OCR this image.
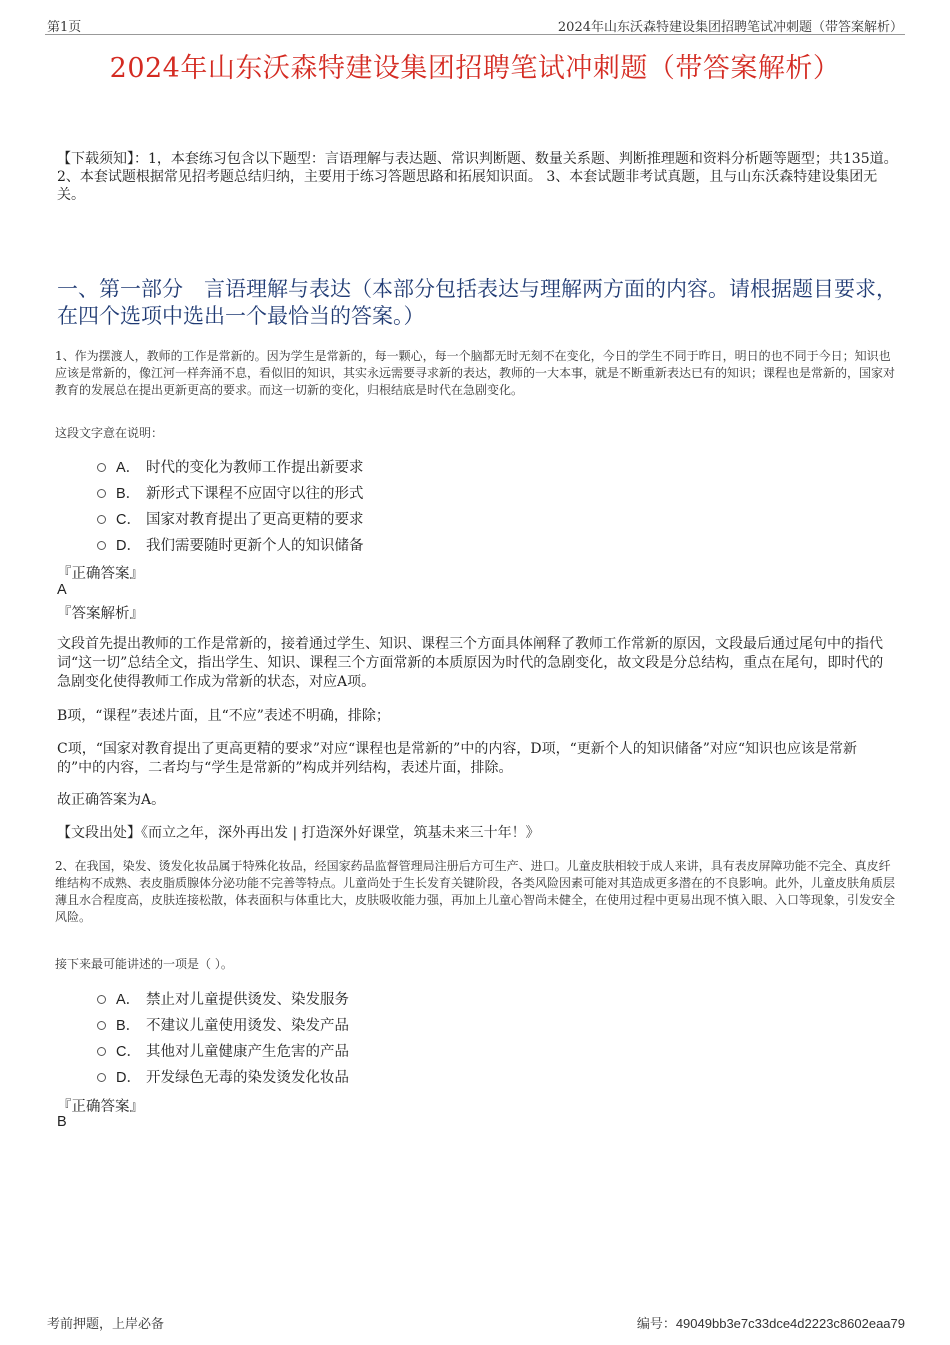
第1页	2024年山东沃森特建设集团招聘笔试冲刺题（带答案解析）
2024年山东沃森特建设集团招聘笔试冲刺题（带答案解析）
【下载须知】：1，本套练习包含以下题型：言语理解与表达题、常识判断题、数量关系题、判断推理题和资料分析题等题型；共135道。 2、本套试题根据常见招考题总结归纳，主要用于练习答题思路和拓展知识面。 3、本套试题非考试真题，且与山东沃森特建设集团无关。
一、第一部分　言语理解与表达（本部分包括表达与理解两方面的内容。请根据题目要求，在四个选项中选出一个最恰当的答案。）
1、作为摆渡人，教师的工作是常新的。因为学生是常新的，每一颗心，每一个脑都无时无刻不在变化，今日的学生不同于昨日，明日的也不同于今日；知识也应该是常新的，像江河一样奔涌不息，看似旧的知识，其实永远需要寻求新的表达，教师的一大本事，就是不断重新表达已有的知识；课程也是常新的，国家对教育的发展总在提出更新更高的要求。而这一切新的变化，归根结底是时代在急剧变化。
这段文字意在说明：
A． 时代的变化为教师工作提出新要求
B． 新形式下课程不应固守以往的形式
C． 国家对教育提出了更高更精的要求
D． 我们需要随时更新个人的知识储备
『正确答案』
A
『答案解析』
文段首先提出教师的工作是常新的，接着通过学生、知识、课程三个方面具体阐释了教师工作常新的原因，文段最后通过尾句中的指代词“这一切”总结全文，指出学生、知识、课程三个方面常新的本质原因为时代的急剧变化，故文段是分总结构，重点在尾句，即时代的急剧变化使得教师工作成为常新的状态，对应A项。
B项，“课程”表述片面，且“不应”表述不明确，排除；
C项，“国家对教育提出了更高更精的要求”对应“课程也是常新的”中的内容，D项，“更新个人的知识储备”对应“知识也应该是常新的”中的内容，二者均与“学生是常新的”构成并列结构，表述片面，排除。
故正确答案为A。
【文段出处】《而立之年，深外再出发 | 打造深外好课堂，筑基未来三十年！》
2、在我国，染发、烫发化妆品属于特殊化妆品，经国家药品监督管理局注册后方可生产、进口。儿童皮肤相较于成人来讲，具有表皮屏障功能不完全、真皮纤维结构不成熟、表皮脂质腺体分泌功能不完善等特点。儿童尚处于生长发育关键阶段，各类风险因素可能对其造成更多潜在的不良影响。此外，儿童皮肤角质层薄且水合程度高，皮肤连接松散，体表面积与体重比大，皮肤吸收能力强，再加上儿童心智尚未健全，在使用过程中更易出现不慎入眼、入口等现象，引发安全风险。
接下来最可能讲述的一项是（ ）。
A． 禁止对儿童提供烫发、染发服务
B． 不建议儿童使用烫发、染发产品
C． 其他对儿童健康产生危害的产品
D． 开发绿色无毒的染发烫发化妆品
『正确答案』
B
考前押题，上岸必备	编号：49049bb3e7c33dce4d2223c8602eaa79
